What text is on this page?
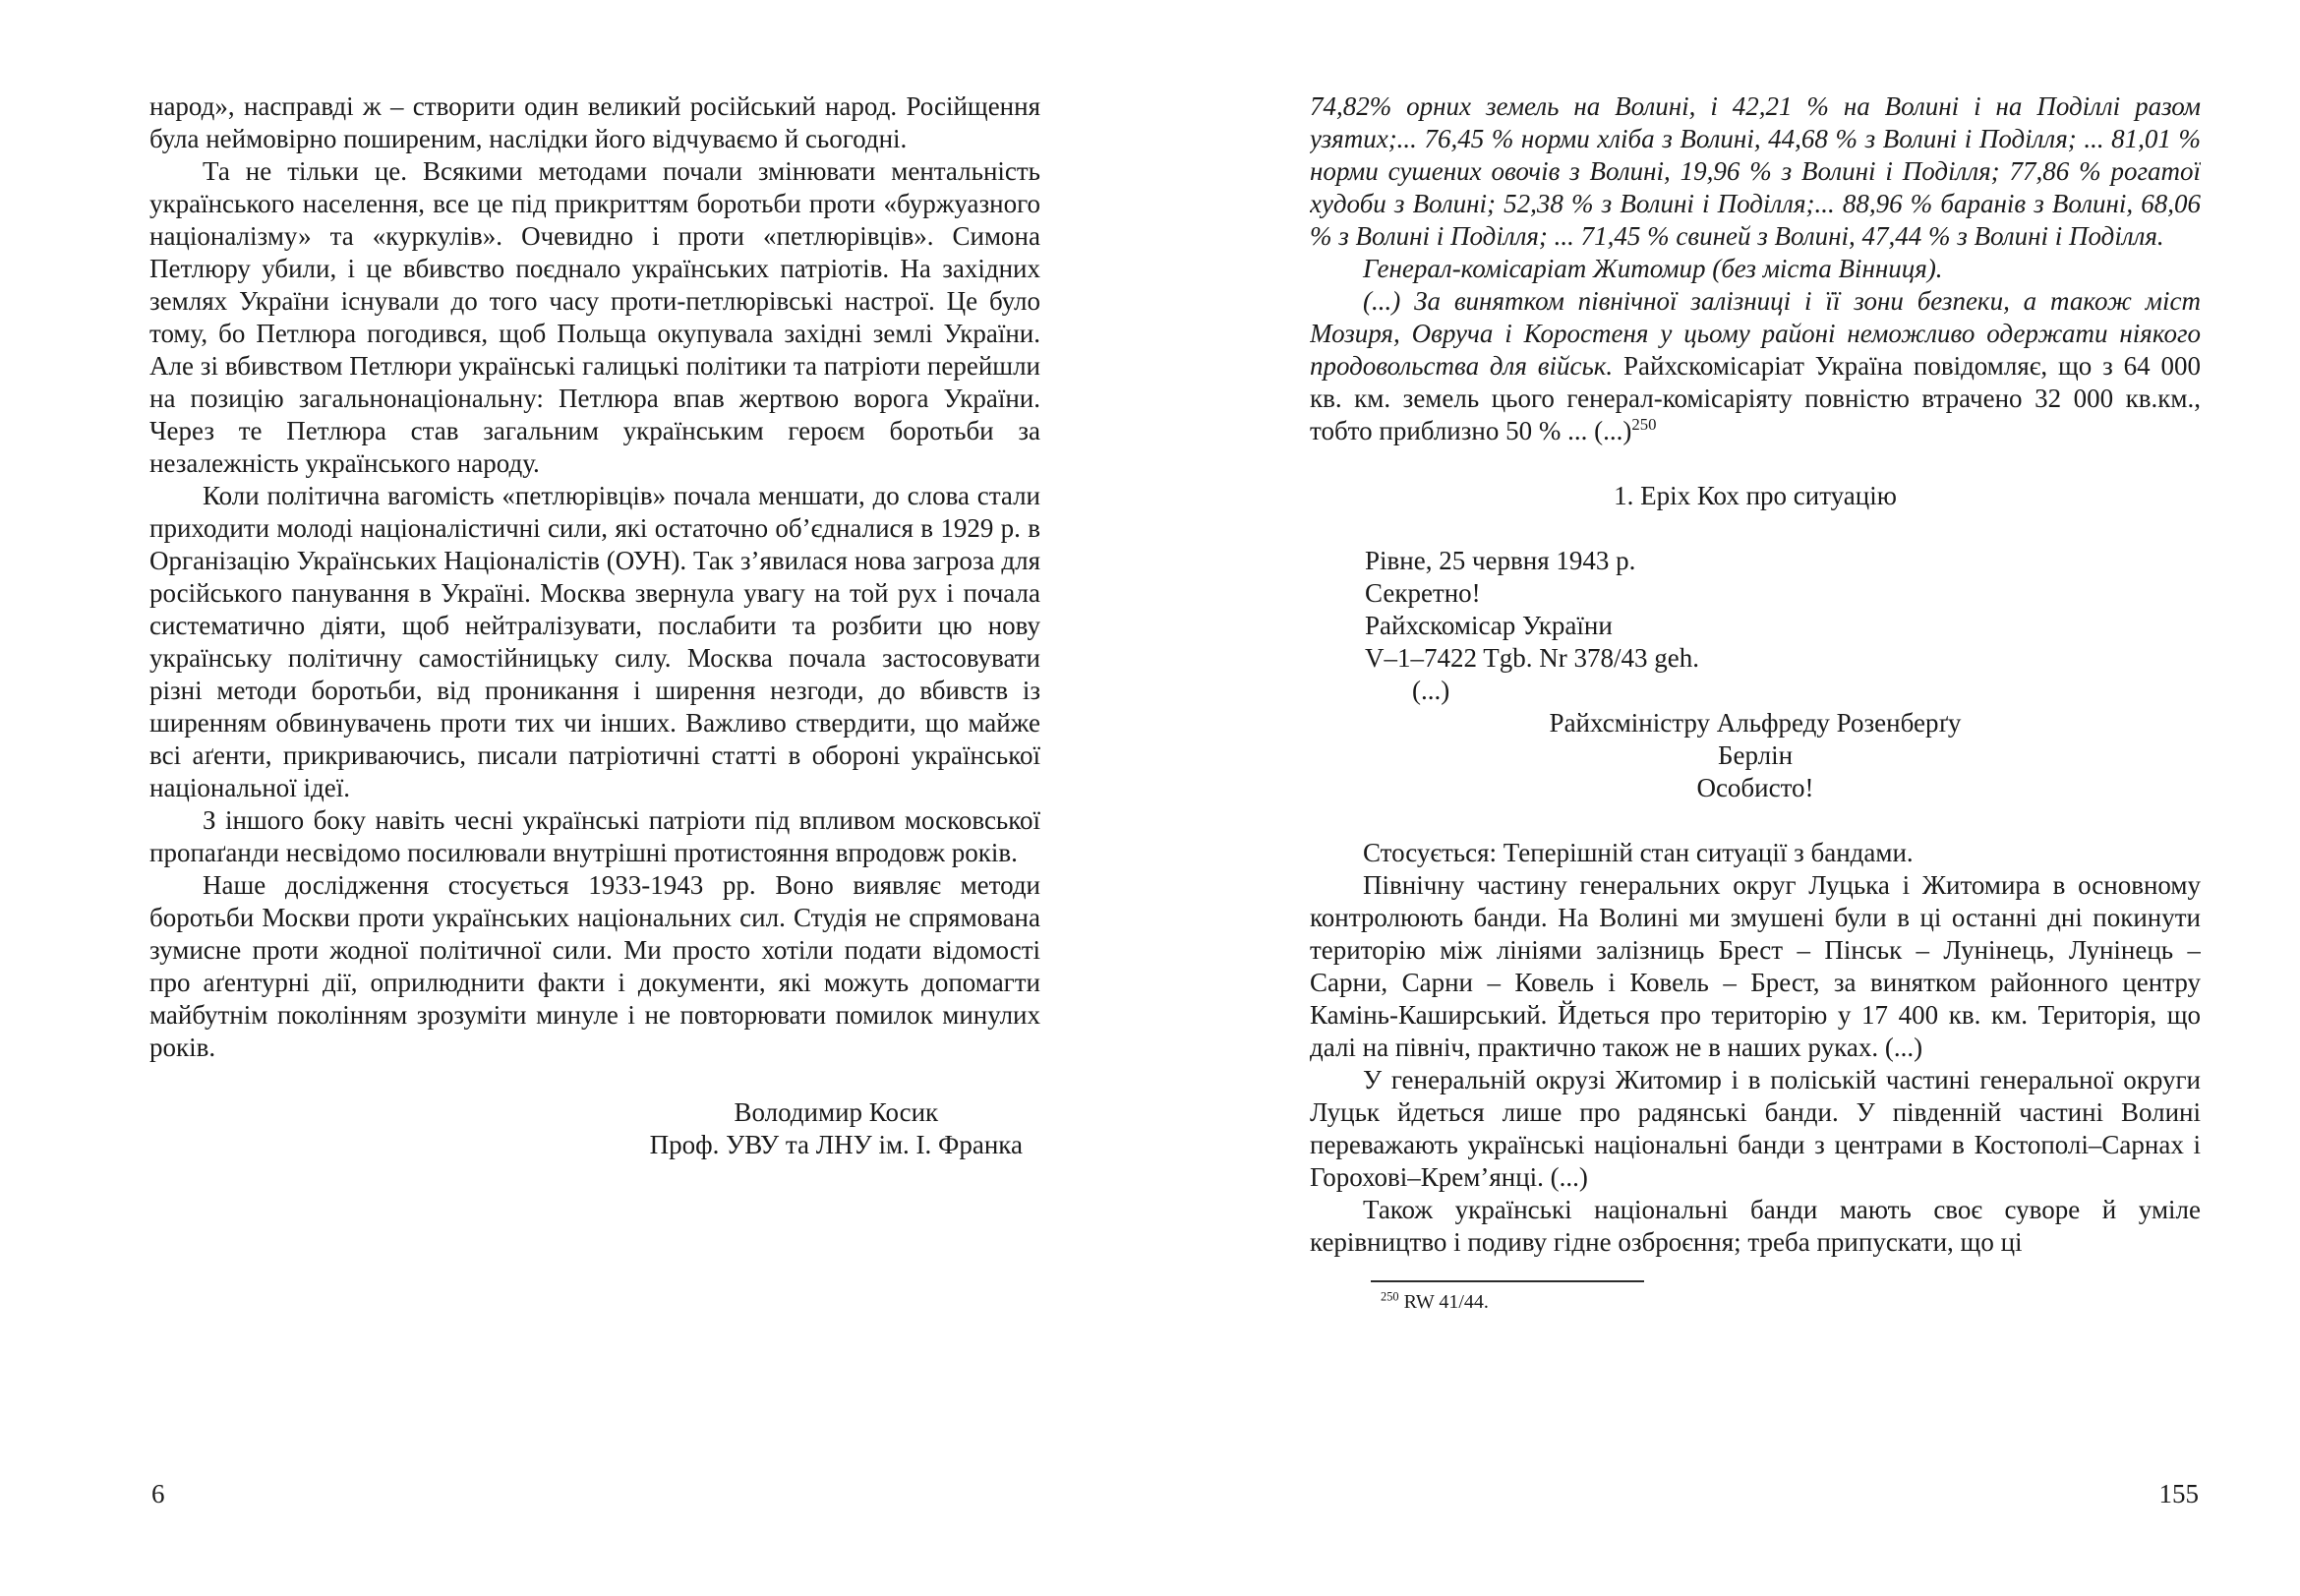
народ», насправді ж – створити один великий російський народ. Російщення була неймовірно поширеним, наслідки його відчуваємо й сьогодні.

Та не тільки це. Всякими методами почали змінювати ментальність українського населення, все це під прикриттям боротьби проти «буржуазного націоналізму» та «куркулів». Очевидно і проти «петлюрівців». Симона Петлюру убили, і це вбивство поєднало українських патріотів. На західних землях України існували до того часу проти-петлюрівські настрої. Це було тому, бо Петлюра погодився, щоб Польща окупувала західні землі України. Але зі вбивством Петлюри українські галицькі політики та патріоти перейшли на позицію загальнонаціональну: Петлюра впав жертвою ворога України. Через те Петлюра став загальним українським героєм боротьби за незалежність українського народу.

Коли політична вагомість «петлюрівців» почала меншати, до слова стали приходити молоді націоналістичні сили, які остаточно об’єдналися в 1929 р. в Організацію Українських Націоналістів (ОУН). Так з’явилася нова загроза для російського панування в Україні. Москва звернула увагу на той рух і почала систематично діяти, щоб нейтралізувати, послабити та розбити цю нову українську політичну самостійницьку силу. Москва почала застосовувати різні методи боротьби, від проникання і ширення незгоди, до вбивств із ширенням обвинувачень проти тих чи інших. Важливо ствердити, що майже всі аґенти, прикриваючись, писали патріотичні статті в обороні української національної ідеї.

З іншого боку навіть чесні українські патріоти під впливом московської пропаґанди несвідомо посилювали внутрішні протистояння впродовж років.

Наше дослідження стосується 1933-1943 рр. Воно виявляє методи боротьби Москви проти українських національних сил. Студія не спрямована зумисне проти жодної політичної сили. Ми просто хотіли подати відомості про аґентурні дії, оприлюднити факти і документи, які можуть допомагти майбутнім поколінням зрозуміти минуле і не повторювати помилок минулих років.

Володимир Косик

Проф. УВУ та ЛНУ ім. І. Франка

6

74,82% орних земель на Волині, і 42,21 % на Волині і на Поділлі разом узятих;... 76,45 % норми хліба з Волині, 44,68 % з Волині і Поділля; ... 81,01 % норми сушених овочів з Волині, 19,96 % з Волині і Поділля; 77,86 % рогатої худоби з Волині; 52,38 % з Волині і Поділля;... 88,96 % баранів з Волині, 68,06 % з Волині і Поділля; ... 71,45 % свиней з Волині, 47,44 % з Волині і Поділля.

Генерал-комісаріат Житомир (без міста Вінниця).

(...) За винятком північної залізниці і її зони безпеки, а також міст Мозиря, Овруча і Коростеня у цьому районі неможливо одержати ніякого продовольства для військ. Райхскомісаріат Україна повідомляє, що з 64 000 кв. км. земель цього генерал-комісаріяту повністю втрачено 32 000 кв.км., тобто приблизно 50 % ... (...)$^{250}$

1. Еріх Кох про ситуацію

Рівне, 25 червня 1943 р.

Секретно!

Райхскомісар України

V–1–7422 Tgb. Nr 378/43 geh.

(...)

Райхсміністру Альфреду Розенберґу

Берлін

Особисто!

Стосується: Теперішній стан ситуації з бандами.

Північну частину генеральних округ Луцька і Житомира в основному контролюють банди. На Волині ми змушені були в ці останні дні покинути територію між лініями залізниць Брест – Пінськ – Лунінець, Лунінець – Сарни, Сарни – Ковель і Ковель – Брест, за винятком районного центру Камінь-Каширський. Йдеться про територію у 17 400 кв. км. Територія, що далі на північ, практично також не в наших руках. (...)

У генеральній окрузі Житомир і в поліській частині генеральної округи Луцьк йдеться лише про радянські банди. У південній частині Волині переважають українські національні банди з центрами в Костополі–Сарнах і Горохові–Крем’янці. (...)

Також українські національні банди мають своє суворе й уміле керівництво і подиву гідне озброєння; треба припускати, що ці

$^{250}$ RW 41/44.
155
